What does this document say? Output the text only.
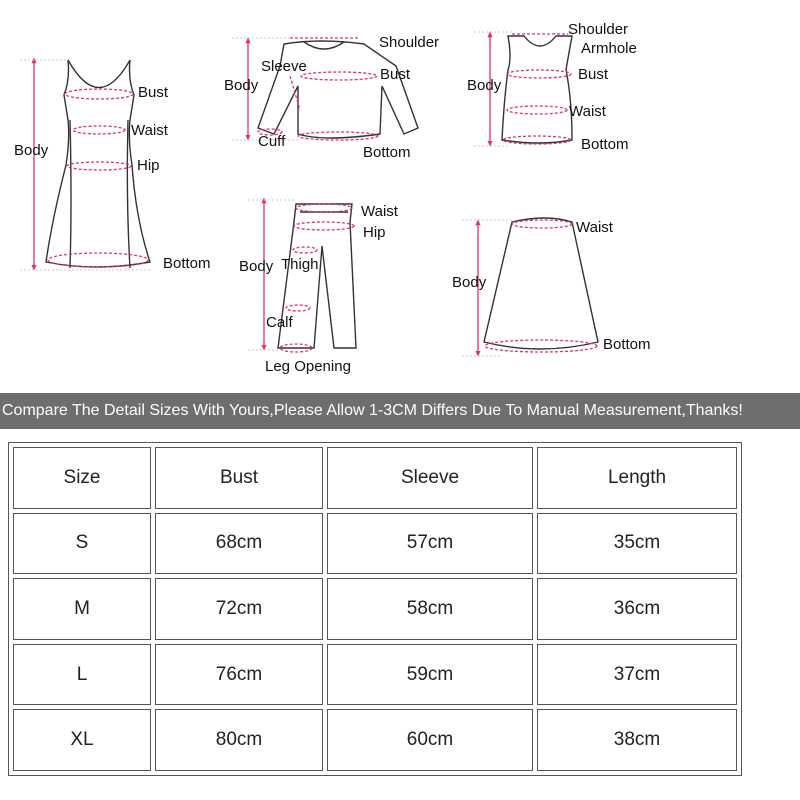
Bust
Waist
Body
Hip
Bottom
Shoulder
Sleeve
Body
Bust
Cuff
Bottom
Shoulder
Armhole
Bust
Body
Waist
Bottom
Waist
Hip
Body Thigh
Calf
Leg Opening
Waist
Body
Bottom
Compare The Detail Sizes With Yours,Please Allow 1-3CM Differs Due To Manual Measurement,Thanks!
Size	Bust	Sleeve	Length
S	68cm	57cm	35cm
M	72cm	58cm	36cm
L	76cm	59cm	37cm
XL	80cm	60cm	38cm
